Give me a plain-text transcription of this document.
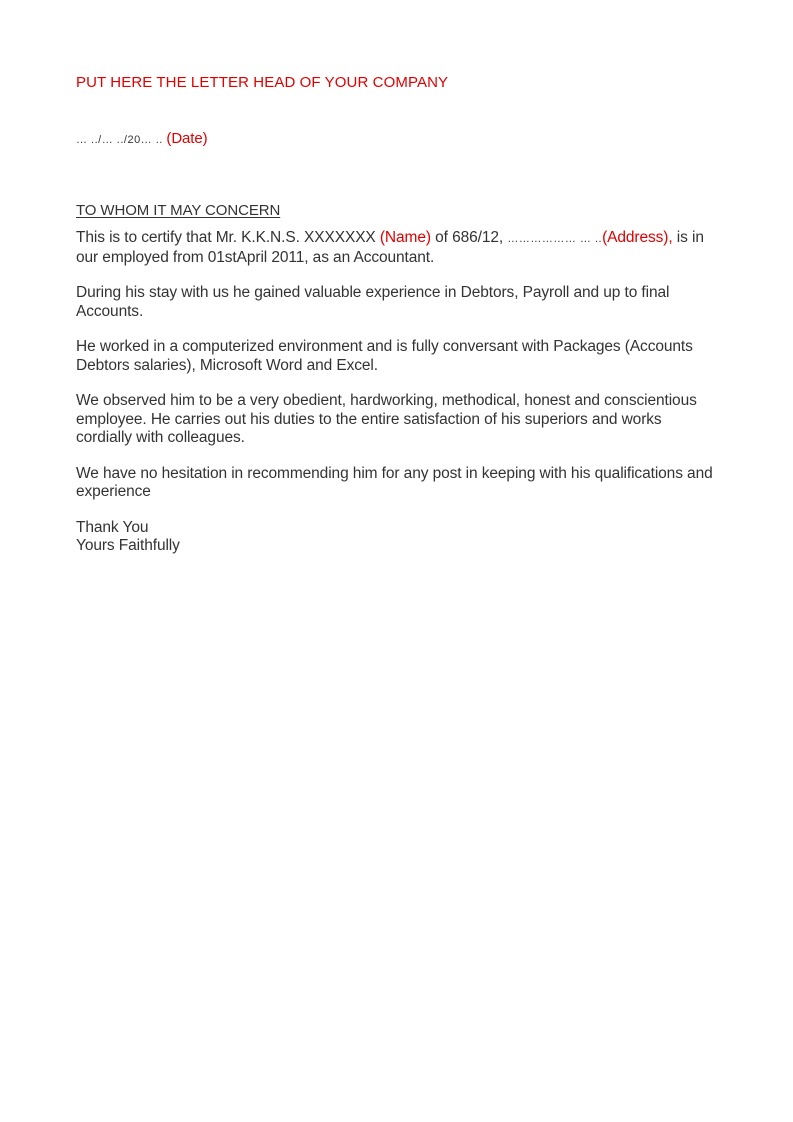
PUT HERE THE LETTER HEAD OF YOUR COMPANY
… ../… ../20… .. (Date)
TO WHOM IT MAY CONCERN

This is to certify that Mr. K.K.N.S. XXXXXXX (Name) of 686/12, ……………… … ..(Address), is in our employed from 01stApril 2011, as an Accountant.

During his stay with us he gained valuable experience in Debtors, Payroll and up to final Accounts.

He worked in a computerized environment and is fully conversant with Packages (Accounts Debtors salaries), Microsoft Word and Excel.

We observed him to be a very obedient, hardworking, methodical, honest and conscientious employee. He carries out his duties to the entire satisfaction of his superiors and works cordially with colleagues.

We have no hesitation in recommending him for any post in keeping with his qualifications and experience

Thank You
Yours Faithfully
